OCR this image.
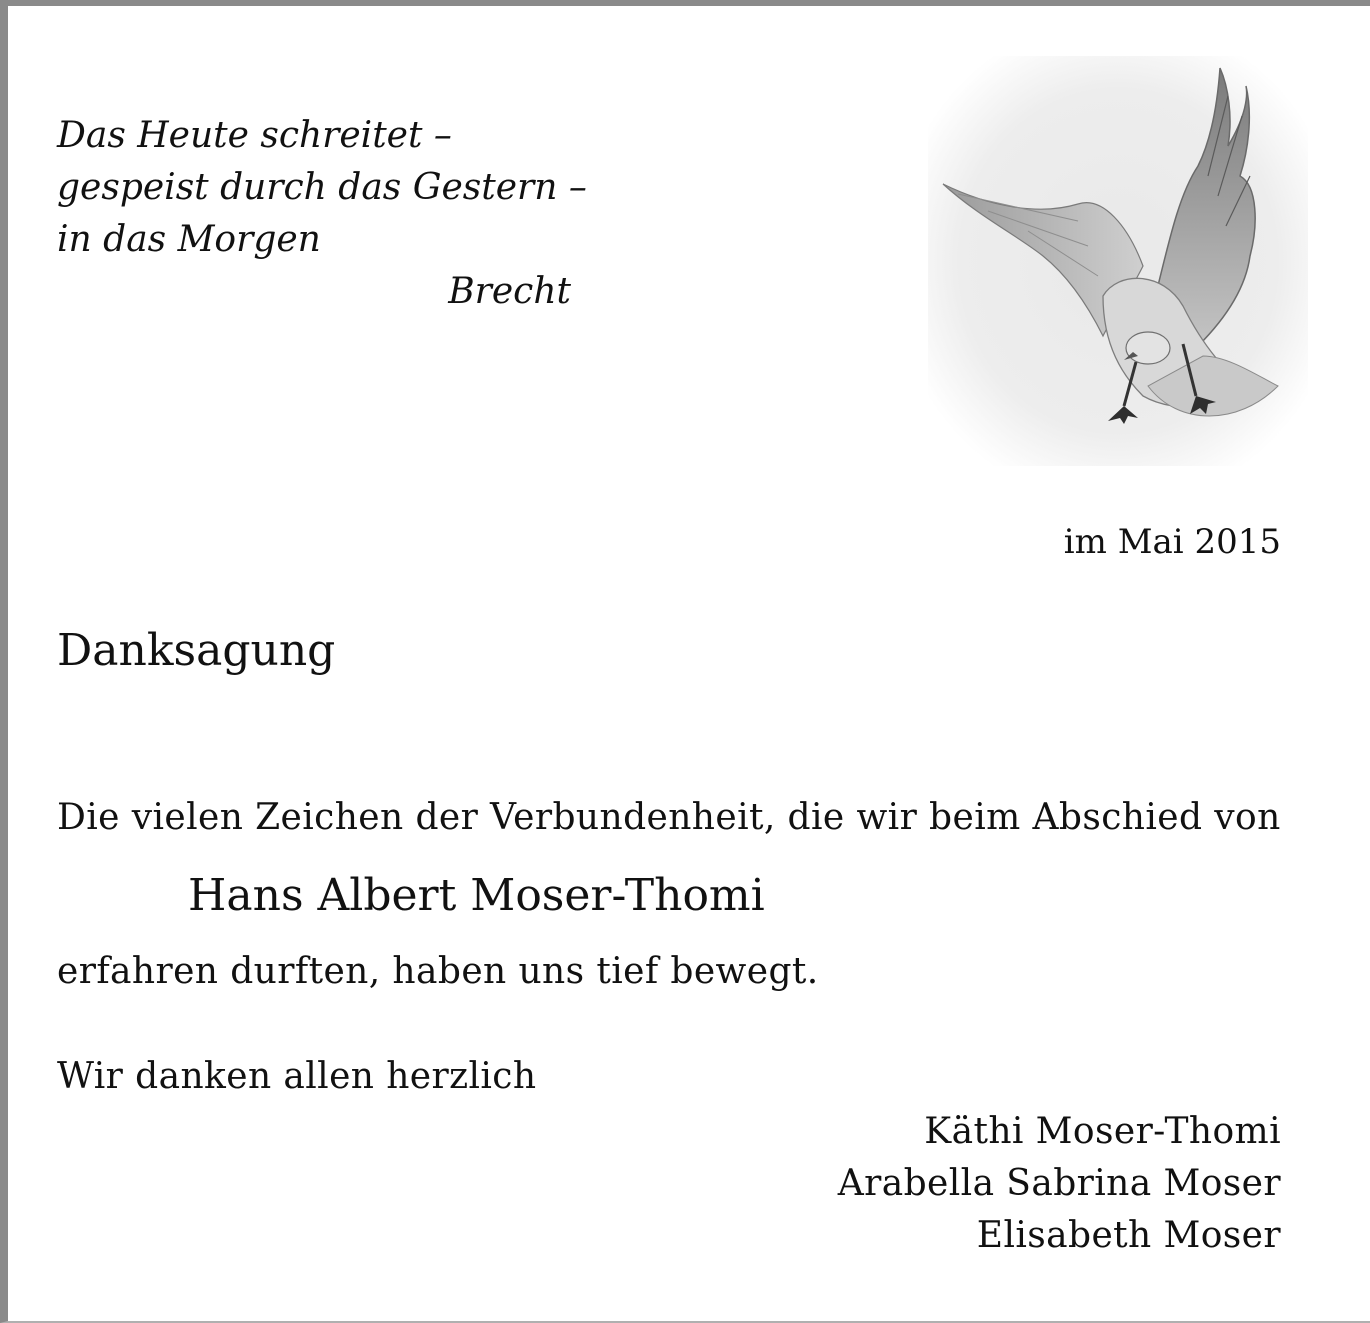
Das Heute schreitet –
gespeist durch das Gestern –
in das Morgen
Brecht
im Mai 2015
Danksagung
Die vielen Zeichen der Verbundenheit, die wir beim Abschied von
Hans Albert Moser-Thomi
erfahren durften, haben uns tief bewegt.
Wir danken allen herzlich
Käthi Moser-Thomi
Arabella Sabrina Moser
Elisabeth Moser
